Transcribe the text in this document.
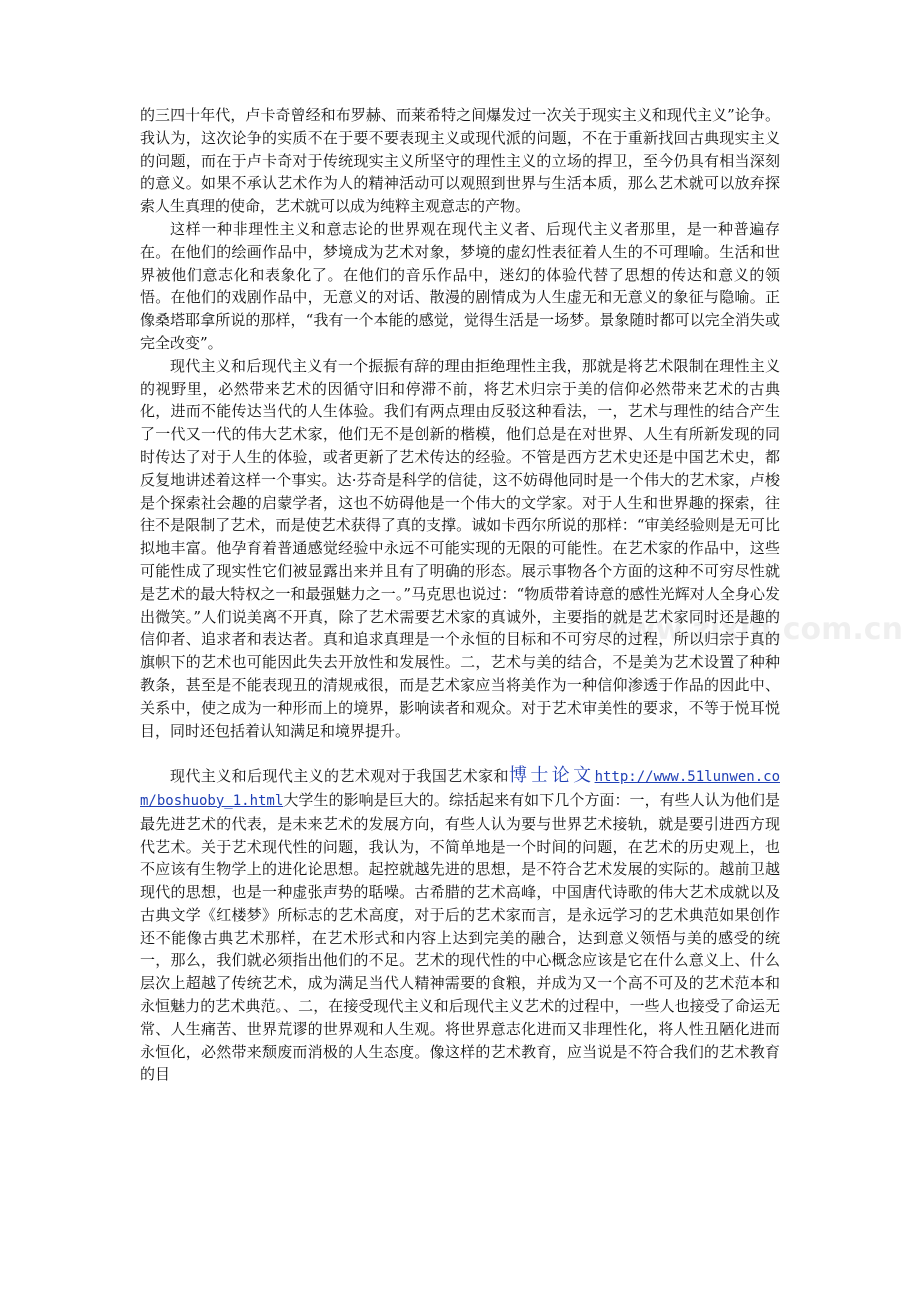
的三四十年代，卢卡奇曾经和布罗赫、而莱希特之间爆发过一次关于现实主义和现代主义”论争。我认为，这次论争的实质不在于要不要表现主义或现代派的问题，不在于重新找回古典现实主义的问题，而在于卢卡奇对于传统现实主义所坚守的理性主义的立场的捍卫，至今仍具有相当深刻的意义。如果不承认艺术作为人的精神活动可以观照到世界与生活本质，那么艺术就可以放弃探索人生真理的使命，艺术就可以成为纯粹主观意志的产物。

这样一种非理性主义和意志论的世界观在现代主义者、后现代主义者那里，是一种普遍存在。在他们的绘画作品中，梦境成为艺术对象，梦境的虚幻性表征着人生的不可理喻。生活和世界被他们意志化和表象化了。在他们的音乐作品中，迷幻的体验代替了思想的传达和意义的领悟。在他们的戏剧作品中，无意义的对话、散漫的剧情成为人生虚无和无意义的象征与隐喻。正像桑塔耶拿所说的那样，“我有一个本能的感觉，觉得生活是一场梦。景象随时都可以完全消失或完全改变”。

现代主义和后现代主义有一个振振有辞的理由拒绝理性主我，那就是将艺术限制在理性主义的视野里，必然带来艺术的因循守旧和停滞不前，将艺术归宗于美的信仰必然带来艺术的古典化，进而不能传达当代的人生体验。我们有两点理由反驳这种看法，一，艺术与理性的结合产生了一代又一代的伟大艺术家，他们无不是创新的楷模，他们总是在对世界、人生有所新发现的同时传达了对于人生的体验，或者更新了艺术传达的经验。不管是西方艺术史还是中国艺术史，都反复地讲述着这样一个事实。达·芬奇是科学的信徒，这不妨碍他同时是一个伟大的艺术家，卢梭是个探索社会趣的启蒙学者，这也不妨碍他是一个伟大的文学家。对于人生和世界趣的探索，往往不是限制了艺术，而是使艺术获得了真的支撑。诚如卡西尔所说的那样：“审美经验则是无可比拟地丰富。他孕育着普通感觉经验中永远不可能实现的无限的可能性。在艺术家的作品中，这些可能性成了现实性它们被显露出来并且有了明确的形态。展示事物各个方面的这种不可穷尽性就是艺术的最大特权之一和最强魅力之一。”马克思也说过：“物质带着诗意的感性光辉对人全身心发出微笑。”人们说美离不开真，除了艺术需要艺术家的真诚外，主要指的就是艺术家同时还是趣的信仰者、追求者和表达者。真和追求真理是一个永恒的目标和不可穷尽的过程，所以归宗于真的旗帜下的艺术也可能因此失去开放性和发展性。二，艺术与美的结合，不是美为艺术设置了种种教条，甚至是不能表现丑的清规戒很，而是艺术家应当将美作为一种信仰渗透于作品的因此中、关系中，使之成为一种形而上的境界，影响读者和观众。对于艺术审美性的要求，不等于悦耳悦目，同时还包括着认知满足和境界提升。

现代主义和后现代主义的艺术观对于我国艺术家和博士论文http://www.51lunwen.com/boshuoby_1.html大学生的影响是巨大的。综括起来有如下几个方面：一，有些人认为他们是最先进艺术的代表，是未来艺术的发展方向，有些人认为要与世界艺术接轨，就是要引进西方现代艺术。关于艺术现代性的问题，我认为，不简单地是一个时间的问题，在艺术的历史观上，也不应该有生物学上的进化论思想。起控就越先进的思想，是不符合艺术发展的实际的。越前卫越现代的思想，也是一种虚张声势的聒噪。古希腊的艺术高峰，中国唐代诗歌的伟大艺术成就以及古典文学《红楼梦》所标志的艺术高度，对于后的艺术家而言，是永远学习的艺术典范如果创作还不能像古典艺术那样，在艺术形式和内容上达到完美的融合，达到意义领悟与美的感受的统一，那么，我们就必须指出他们的不足。艺术的现代性的中心概念应该是它在什么意义上、什么层次上超越了传统艺术，成为满足当代人精神需要的食粮，并成为又一个高不可及的艺术范本和永恒魅力的艺术典范。、二，在接受现代主义和后现代主义艺术的过程中，一些人也接受了命运无常、人生痛苦、世界荒谬的世界观和人生观。将世界意志化进而又非理性化，将人性丑陋化进而永恒化，必然带来颓废而消极的人生态度。像这样的艺术教育，应当说是不符合我们的艺术教育的目

www.zixin.com.cn
